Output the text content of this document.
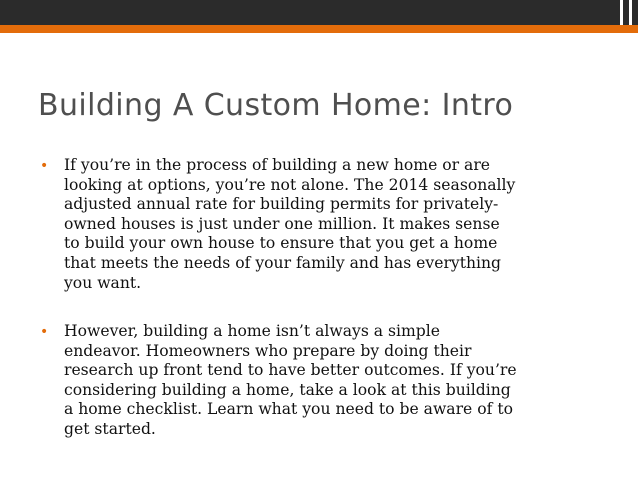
Building A Custom Home: Intro
• If you’re in the process of building a new home or are
looking at options, you’re not alone. The 2014 seasonally
adjusted annual rate for building permits for privately-
owned houses is just under one million. It makes sense
to build your own house to ensure that you get a home
that meets the needs of your family and has everything
you want.
• However, building a home isn’t always a simple
endeavor. Homeowners who prepare by doing their
research up front tend to have better outcomes. If you’re
considering building a home, take a look at this building
a home checklist. Learn what you need to be aware of to
get started.
